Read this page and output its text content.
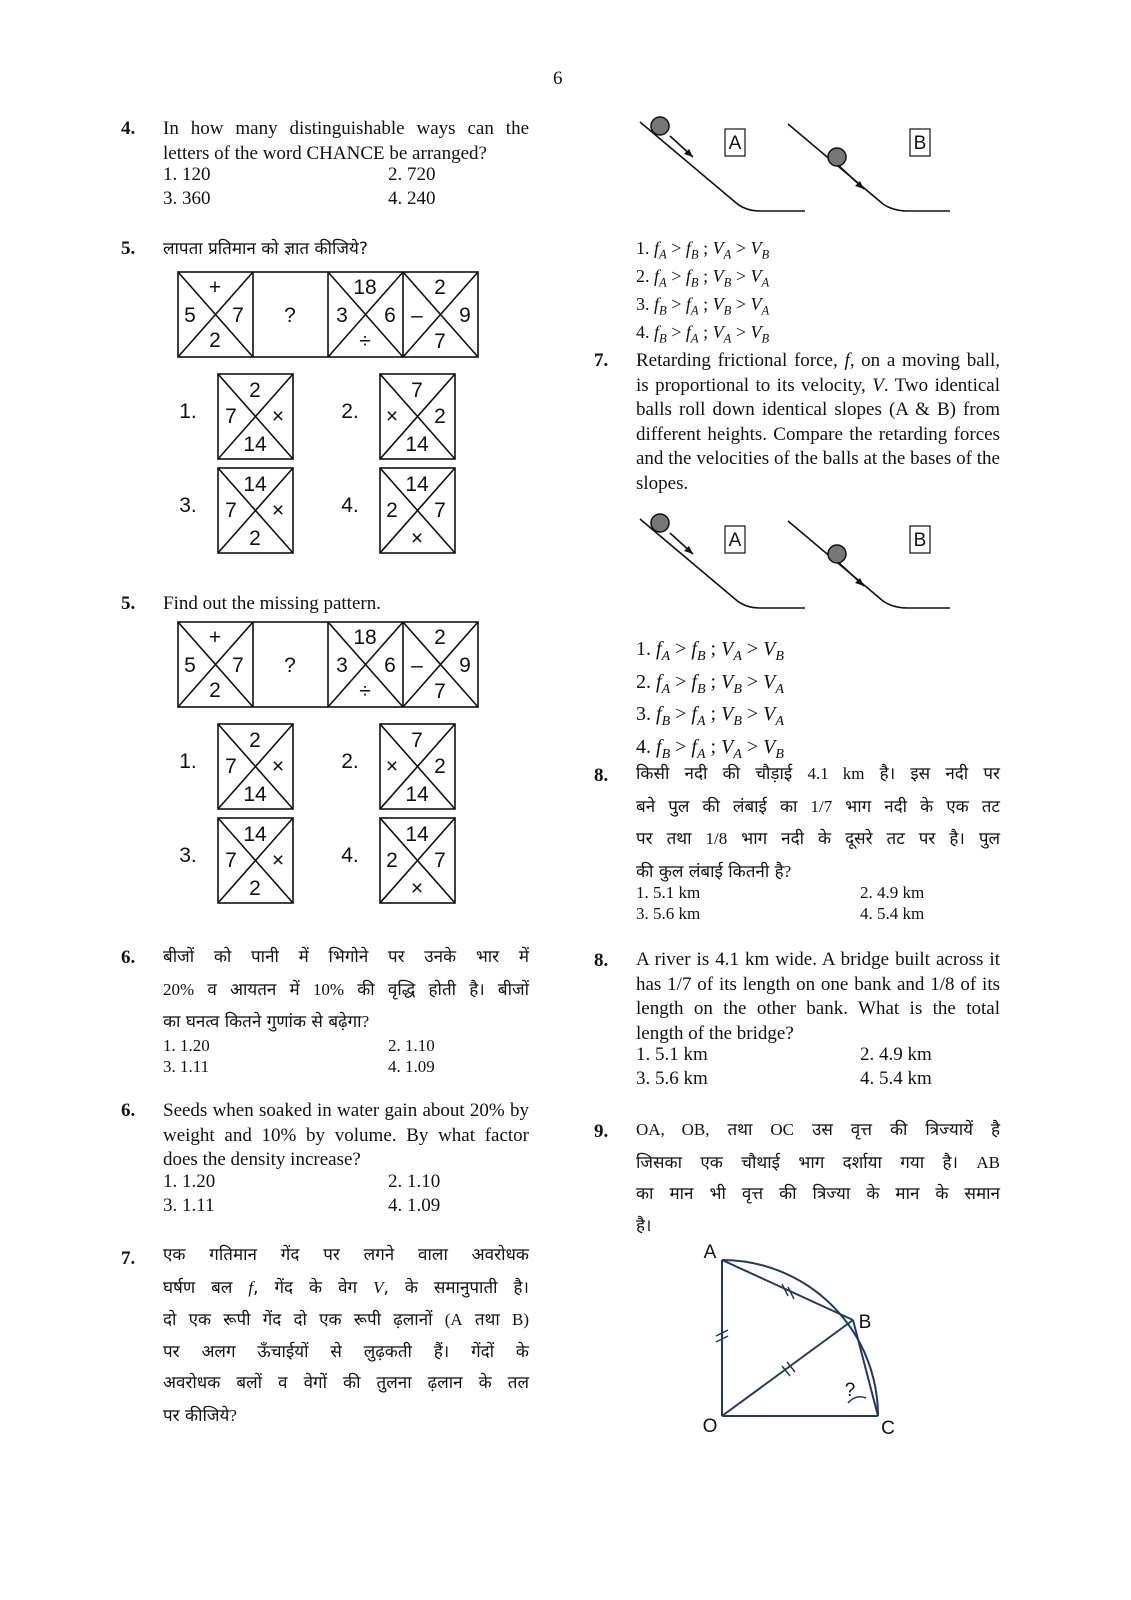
6
4. In how many distinguishable ways can the letters of the word CHANCE be arranged?
1. 120	2. 720
3. 360	4. 240
5. लापता प्रतिमान को ज्ञात कीजिये?
+
5 7
2
?
18
3 6
÷
2
– 9
7
1.
2
7 ×
14
2.
7
× 2
14
3.
14
7 ×
2
4.
14
2 7
×
5. Find out the missing pattern.
+
5 7
2
?
18
3 6
÷
2
– 9
7
1.
2
7 ×
14
2.
7
× 2
14
3.
14
7 ×
2
4.
14
2 7
×
6. बीजों को पानी में भिगोने पर उनके भार में
20% व आयतन में 10% की वृद्धि होती है। बीजों
का घनत्व कितने गुणांक से बढ़ेगा?
1. 1.20	2. 1.10
3. 1.11	4. 1.09
6. Seeds when soaked in water gain about 20% by weight and 10% by volume. By what factor does the density increase?
1. 1.20	2. 1.10
3. 1.11	4. 1.09
7. एक गतिमान गेंद पर लगने वाला अवरोधक
घर्षण बल f, गेंद के वेग V, के समानुपाती है।
दो एक रूपी गेंद दो एक रूपी ढ़लानों (A तथा B)
पर अलग ऊँचाईयों से लुढ़कती हैं। गेंदों के
अवरोधक बलों व वेगों की तुलना ढ़लान के तल
पर कीजिये?
A	B
1. $f_A > f_B$ ; $V_A > V_B$
2. $f_A > f_B$ ; $V_B > V_A$
3. $f_B > f_A$ ; $V_B > V_A$
4. $f_B > f_A$ ; $V_A > V_B$
7. Retarding frictional force, f, on a moving ball, is proportional to its velocity, V. Two identical balls roll down identical slopes (A & B) from different heights. Compare the retarding forces and the velocities of the balls at the bases of the slopes.
A	B
1. $f_A > f_B$ ; $V_A > V_B$
2. $f_A > f_B$ ; $V_B > V_A$
3. $f_B > f_A$ ; $V_B > V_A$
4. $f_B > f_A$ ; $V_A > V_B$
8. किसी नदी की चौड़ाई 4.1 km है। इस नदी पर
बने पुल की लंबाई का 1/7 भाग नदी के एक तट
पर तथा 1/8 भाग नदी के दूसरे तट पर है। पुल
की कुल लंबाई कितनी है?
1. 5.1 km	2. 4.9 km
3. 5.6 km	4. 5.4 km
8. A river is 4.1 km wide. A bridge built across it has 1/7 of its length on one bank and 1/8 of its length on the other bank. What is the total length of the bridge?
1. 5.1 km	2. 4.9 km
3. 5.6 km	4. 5.4 km
9. OA, OB, तथा OC उस वृत्त की त्रिज्यायें है
जिसका एक चौथाई भाग दर्शाया गया है। AB
का मान भी वृत्त की त्रिज्या के मान के समान
है।
A
B
O	C
?
